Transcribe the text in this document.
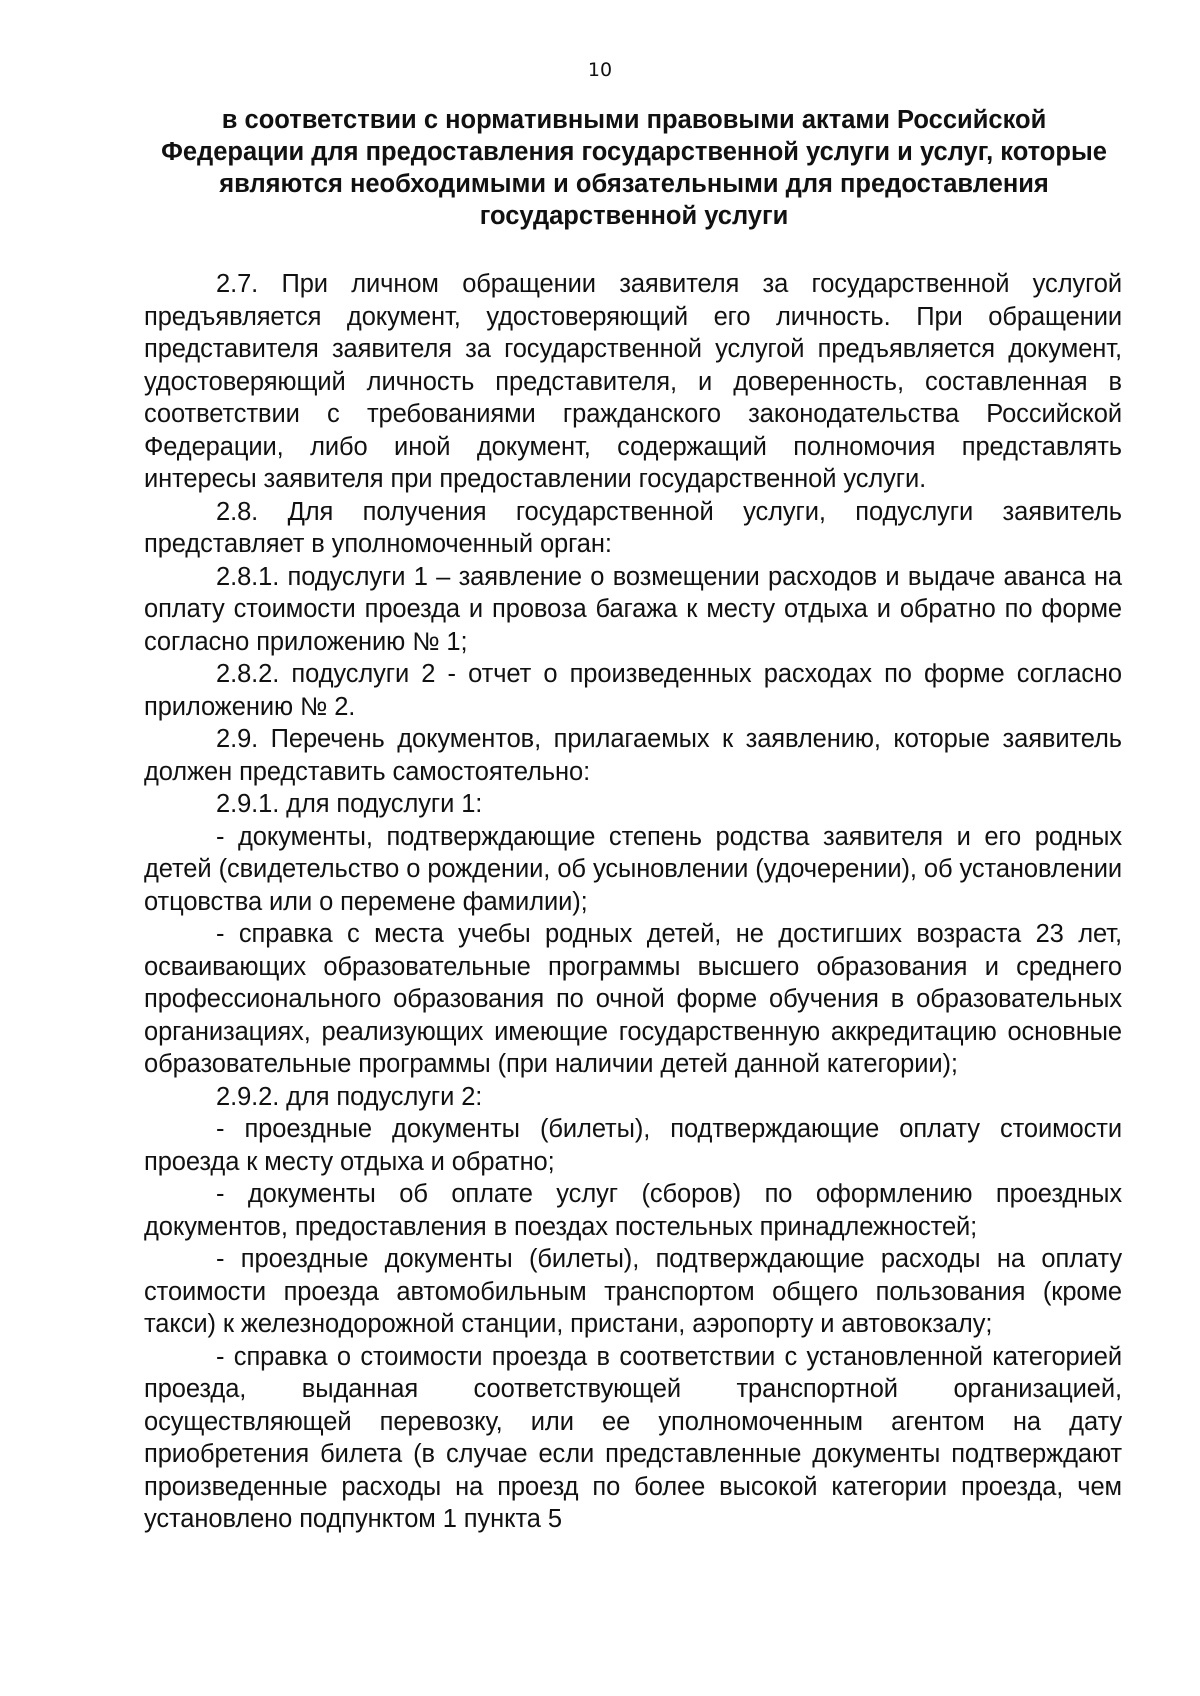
10
в соответствии с нормативными правовыми актами Российской Федерации для предоставления государственной услуги и услуг, которые являются необходимыми и обязательными для предоставления государственной услуги

2.7. При личном обращении заявителя за государственной услугой предъявляется документ, удостоверяющий его личность. При обращении представителя заявителя за государственной услугой предъявляется документ, удостоверяющий личность представителя, и доверенность, составленная в соответствии с требованиями гражданского законодательства Российской Федерации, либо иной документ, содержащий полномочия представлять интересы заявителя при предоставлении государственной услуги.

2.8. Для получения государственной услуги, подуслуги заявитель представляет в уполномоченный орган:

2.8.1. подуслуги 1 – заявление о возмещении расходов и выдаче аванса на оплату стоимости проезда и провоза багажа к месту отдыха и обратно по форме согласно приложению № 1;

2.8.2. подуслуги 2 - отчет о произведенных расходах по форме согласно приложению № 2.

2.9. Перечень документов, прилагаемых к заявлению, которые заявитель должен представить самостоятельно:

2.9.1. для подуслуги 1:

- документы, подтверждающие степень родства заявителя и его родных детей (свидетельство о рождении, об усыновлении (удочерении), об установлении отцовства или о перемене фамилии);

- справка с места учебы родных детей, не достигших возраста 23 лет, осваивающих образовательные программы высшего образования и среднего профессионального образования по очной форме обучения в образовательных организациях, реализующих имеющие государственную аккредитацию основные образовательные программы (при наличии детей данной категории);

2.9.2. для подуслуги 2:

- проездные документы (билеты), подтверждающие оплату стоимости проезда к месту отдыха и обратно;

- документы об оплате услуг (сборов) по оформлению проездных документов, предоставления в поездах постельных принадлежностей;

- проездные документы (билеты), подтверждающие расходы на оплату стоимости проезда автомобильным транспортом общего пользования (кроме такси) к железнодорожной станции, пристани, аэропорту и автовокзалу;

- справка о стоимости проезда в соответствии с установленной категорией проезда, выданная соответствующей транспортной организацией, осуществляющей перевозку, или ее уполномоченным агентом на дату приобретения билета (в случае если представленные документы подтверждают произведенные расходы на проезд по более высокой категории проезда, чем установлено подпунктом 1 пункта 5
